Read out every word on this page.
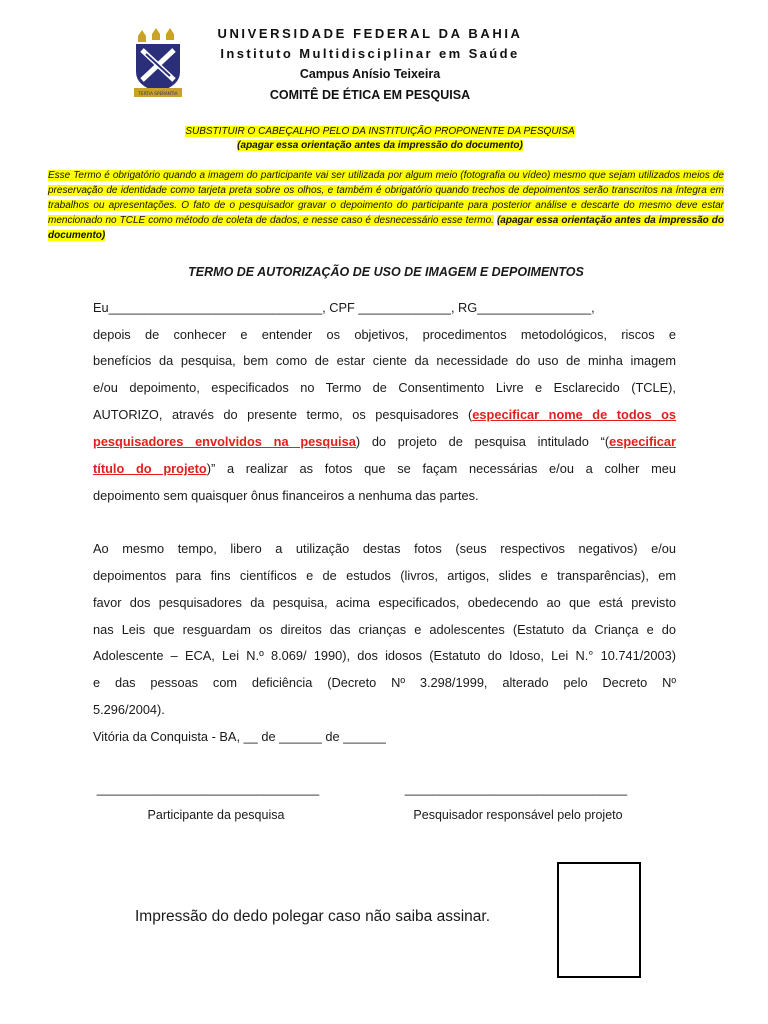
TERTIA SPERANTIA
UNIVERSIDADE FEDERAL DA BAHIA
Instituto Multidisciplinar em Saúde
Campus Anísio Teixeira
COMITÊ DE ÉTICA EM PESQUISA
SUBSTITUIR O CABEÇALHO PELO DA INSTITUIÇÃO PROPONENTE DA PESQUISA
(apagar essa orientação antes da impressão do documento)
Esse Termo é obrigatório quando a imagem do participante vai ser utilizada por algum meio (fotografia ou vídeo) mesmo que sejam utilizados meios de preservação de identidade como tarjeta preta sobre os olhos, e também é obrigatório quando trechos de depoimentos serão transcritos na íntegra em trabalhos ou apresentações. O fato de o pesquisador gravar o depoimento do participante para posterior análise e descarte do mesmo deve estar mencionado no TCLE como método de coleta de dados, e nesse caso é desnecessário esse termo. (apagar essa orientação antes da impressão do documento)
TERMO DE AUTORIZAÇÃO DE USO DE IMAGEM E DEPOIMENTOS
Eu______________________________, CPF _____________, RG________________,
depois de conhecer e entender os objetivos, procedimentos metodológicos, riscos e
benefícios da pesquisa, bem como de estar ciente da necessidade do uso de minha imagem
e/ou depoimento, especificados no Termo de Consentimento Livre e Esclarecido (TCLE),
AUTORIZO, através do presente termo, os pesquisadores (especificar nome de todos os
pesquisadores envolvidos na pesquisa) do projeto de pesquisa intitulado “(especificar
título do projeto)” a realizar as fotos que se façam necessárias e/ou a colher meu
depoimento sem quaisquer ônus financeiros a nenhuma das partes.
Ao mesmo tempo, libero a utilização destas fotos (seus respectivos negativos) e/ou
depoimentos para fins científicos e de estudos (livros, artigos, slides e transparências), em
favor dos pesquisadores da pesquisa, acima especificados, obedecendo ao que está previsto
nas Leis que resguardam os direitos das crianças e adolescentes (Estatuto da Criança e do
Adolescente – ECA, Lei N.º 8.069/ 1990), dos idosos (Estatuto do Idoso, Lei N.° 10.741/2003)
e das pessoas com deficiência (Decreto Nº 3.298/1999, alterado pelo Decreto Nº
5.296/2004).
Vitória da Conquista - BA, __ de ______ de ______
________________________________	________________________________
Participante da pesquisa	Pesquisador responsável pelo projeto
Impressão do dedo polegar caso não saiba assinar.
